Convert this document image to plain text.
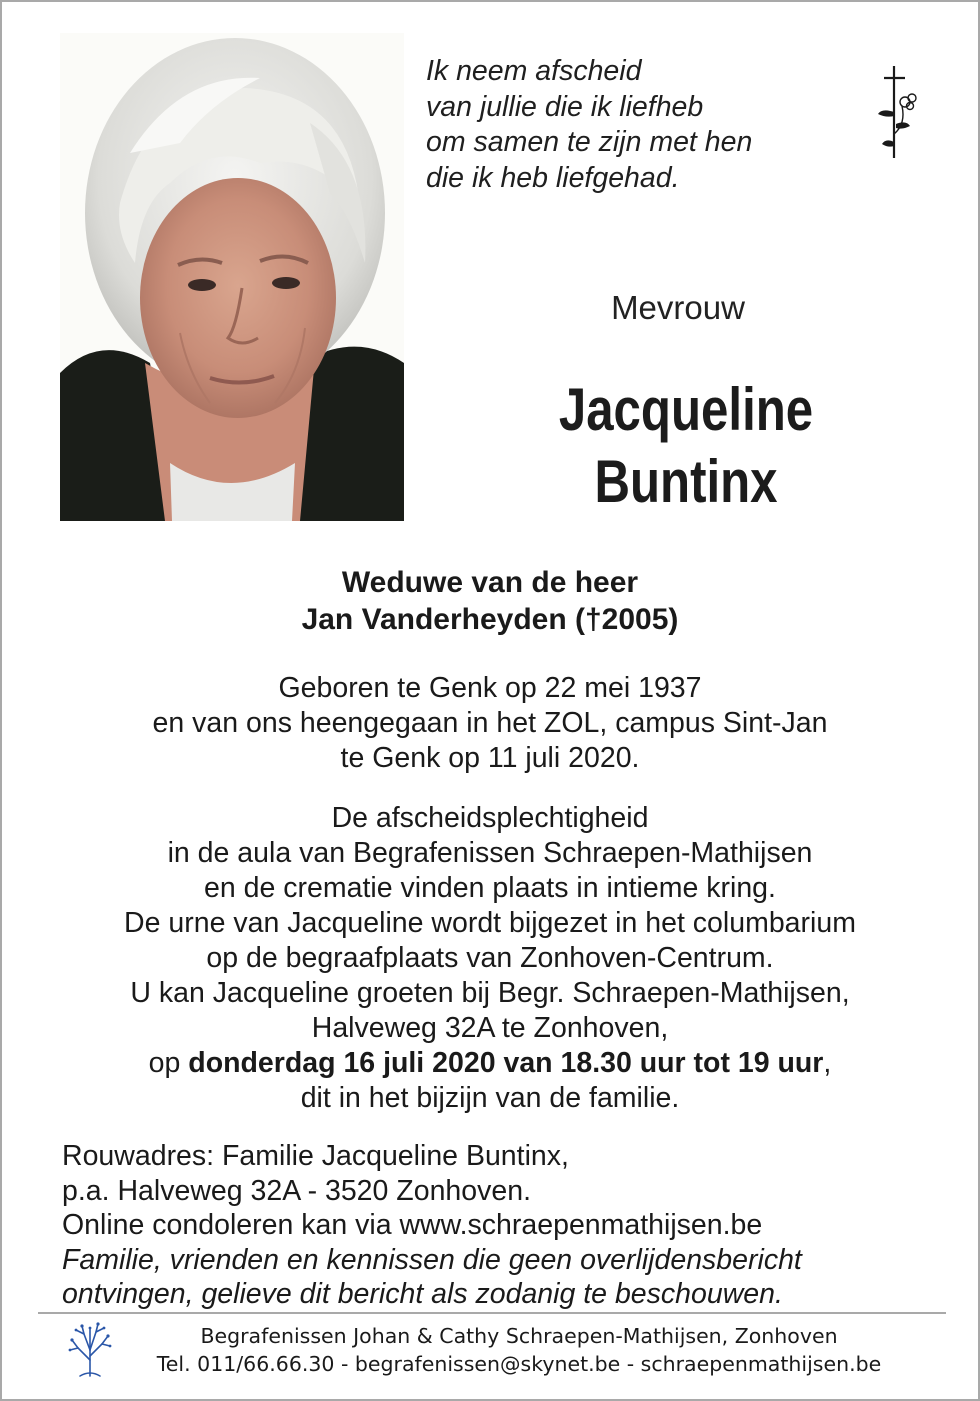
Ik neem afscheid
van jullie die ik liefheb
om samen te zijn met hen
die ik heb liefgehad.
Mevrouw
Jacqueline
Buntinx
Weduwe van de heer
Jan Vanderheyden (†2005)
Geboren te Genk op 22 mei 1937
en van ons heengegaan in het ZOL, campus Sint-Jan
te Genk op 11 juli 2020.
De afscheidsplechtigheid
in de aula van Begrafenissen Schraepen-Mathijsen
en de crematie vinden plaats in intieme kring.
De urne van Jacqueline wordt bijgezet in het columbarium
op de begraafplaats van Zonhoven-Centrum.
U kan Jacqueline groeten bij Begr. Schraepen-Mathijsen,
Halveweg 32A te Zonhoven,
op donderdag 16 juli 2020 van 18.30 uur tot 19 uur,
dit in het bijzijn van de familie.
Rouwadres: Familie Jacqueline Buntinx,
p.a. Halveweg 32A - 3520 Zonhoven.
Online condoleren kan via www.schraepenmathijsen.be
Familie, vrienden en kennissen die geen overlijdensbericht
ontvingen, gelieve dit bericht als zodanig te beschouwen.
Begrafenissen Johan & Cathy Schraepen-Mathijsen, Zonhoven
Tel. 011/66.66.30 - begrafenissen@skynet.be - schraepenmathijsen.be
